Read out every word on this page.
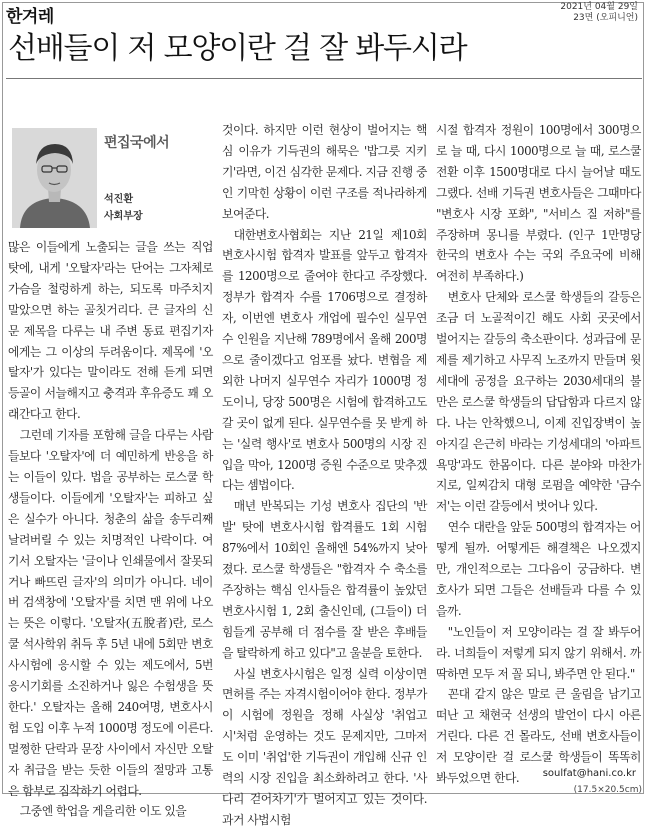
한겨레	2021년 04월 29일
23면 (오피니언)
선배들이 저 모양이란 걸 잘 봐두시라
편집국에서
석진환
사회부장

많은 이들에게 노출되는 글을 쓰는 직업 탓에, 내게 '오탈자'라는 단어는 그자체로 가슴을 철렁하게 하는, 되도록 마주치지 말았으면 하는 골칫거리다. 큰 글자의 신문 제목을 다루는 내 주변 동료 편집기자에게는 그 이상의 두려움이다. 제목에 '오탈자'가 있다는 말이라도 전해 듣게 되면 등골이 서늘해지고 충격과 후유증도 꽤 오래간다고 한다.

그런데 기자를 포함해 글을 다루는 사람들보다 '오탈자'에 더 예민하게 반응을 하는 이들이 있다. 법을 공부하는 로스쿨 학생들이다. 이들에게 '오탈자'는 피하고 싶은 실수가 아니다. 청춘의 삶을 송두리째 날려버릴 수 있는 치명적인 나락이다. 여기서 오탈자는 '글이나 인쇄물에서 잘못되거나 빠뜨린 글자'의 의미가 아니다. 네이버 검색창에 '오탈자'를 치면 맨 위에 나오는 뜻은 이렇다. '오탈자(五脫者)란, 로스쿨 석사학위 취득 후 5년 내에 5회만 변호사시험에 응시할 수 있는 제도에서, 5번 응시기회를 소진하거나 잃은 수험생을 뜻한다.' 오탈자는 올해 240여명, 변호사시험 도입 이후 누적 1000명 정도에 이른다. 멀쩡한 단락과 문장 사이에서 자신만 오탈자 취급을 받는 듯한 이들의 절망과 고통은 함부로 짐작하기 어렵다.

그중엔 학업을 게을리한 이도 있을

것이다. 하지만 이런 현상이 벌어지는 핵심 이유가 기득권의 해묵은 '밥그릇 지키기'라면, 이건 심각한 문제다. 지금 진행 중인 기막힌 상황이 이런 구조를 적나라하게 보여준다.

대한변호사협회는 지난 21일 제10회 변호사시험 합격자 발표를 앞두고 합격자를 1200명으로 줄여야 한다고 주장했다. 정부가 합격자 수를 1706명으로 결정하자, 이번엔 변호사 개업에 필수인 실무연수 인원을 지난해 789명에서 올해 200명으로 줄이겠다고 엄포를 놨다. 변협을 제외한 나머지 실무연수 자리가 1000명 정도이니, 당장 500명은 시험에 합격하고도 갈 곳이 없게 된다. 실무연수를 못 받게 하는 '실력 행사'로 변호사 500명의 시장 진입을 막아, 1200명 증원 수준으로 맞추겠다는 셈법이다.

매년 반복되는 기성 변호사 집단의 '반발' 탓에 변호사시험 합격률도 1회 시험 87%에서 10회인 올해엔 54%까지 낮아졌다. 로스쿨 학생들은 "합격자 수 축소를 주장하는 핵심 인사들은 합격률이 높았던 변호사시험 1, 2회 출신인데, (그들이) 더 힘들게 공부해 더 점수를 잘 받은 후배들을 탈락하게 하고 있다"고 울분을 토한다.

사실 변호사시험은 일정 실력 이상이면 면허를 주는 자격시험이어야 한다. 정부가 이 시험에 정원을 정해 사실상 '취업고시'처럼 운영하는 것도 문제지만, 그마저도 이미 '취업'한 기득권이 개입해 신규 인력의 시장 진입을 최소화하려고 한다. '사다리 걷어차기'가 벌어지고 있는 것이다. 과거 사법시험

시절 합격자 정원이 100명에서 300명으로 늘 때, 다시 1000명으로 늘 때, 로스쿨 전환 이후 1500명대로 다시 늘어날 때도 그랬다. 선배 기득권 변호사들은 그때마다 "변호사 시장 포화", "서비스 질 저하"를 주장하며 몽니를 부렸다. (인구 1만명당 한국의 변호사 수는 국외 주요국에 비해 여전히 부족하다.)

변호사 단체와 로스쿨 학생들의 갈등은 조금 더 노골적이긴 해도 사회 곳곳에서 벌어지는 갈등의 축소판이다. 성과급에 문제를 제기하고 사무직 노조까지 만들며 윗세대에 공정을 요구하는 2030세대의 불만은 로스쿨 학생들의 답답함과 다르지 않다. 나는 안착했으니, 이제 진입장벽이 높아지길 은근히 바라는 기성세대의 '아파트 욕망'과도 한몸이다. 다른 분야와 마찬가지로, 일찌감치 대형 로펌을 예약한 '금수저'는 이런 갈등에서 벗어나 있다.

연수 대란을 앞둔 500명의 합격자는 어떻게 될까. 어떻게든 해결책은 나오겠지만, 개인적으로는 그다음이 궁금하다. 변호사가 되면 그들은 선배들과 다를 수 있을까.

"노인들이 저 모양이라는 걸 잘 봐두어라. 너희들이 저렇게 되지 않기 위해서. 까딱하면 모두 저 꼴 되니, 봐주면 안 된다."

꼰대 같지 않은 말로 큰 울림을 남기고 떠난 고 채현국 선생의 발언이 다시 아른거린다. 다른 건 몰라도, 선배 변호사들이 저 모양이란 걸 로스쿨 학생들이 똑똑히 봐두었으면 한다.	soulfat@hani.co.kr
(17.5×20.5cm)
